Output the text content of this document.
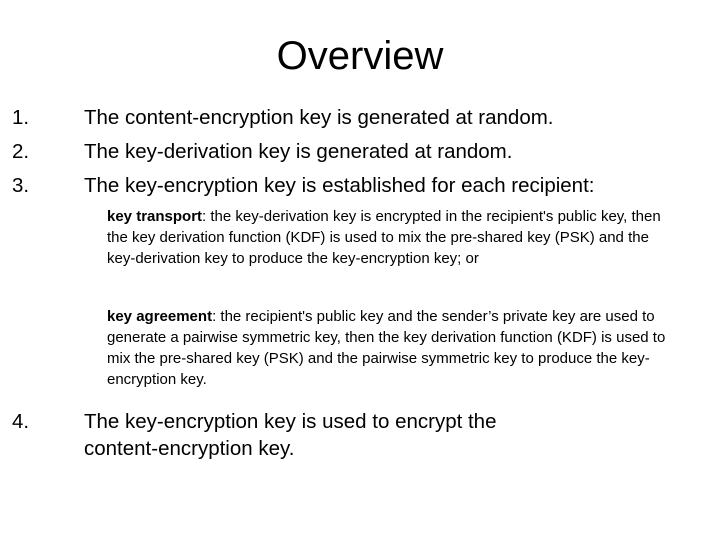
Overview
1.	The content-encryption key is generated at random.
2.	The key-derivation key is generated at random.
3.	The key-encryption key is established for each recipient:
key transport: the key-derivation key is encrypted in the recipient's public key, then the key derivation function (KDF) is used to mix the pre-shared key (PSK) and the key-derivation key to produce the key-encryption key; or
key agreement: the recipient's public key and the sender’s private key are used to generate a pairwise symmetric key, then the key derivation function (KDF) is used to mix the pre-shared key (PSK) and the pairwise symmetric key to produce the key-encryption key.
4.	The key-encryption key is used to encrypt the content-encryption key.
